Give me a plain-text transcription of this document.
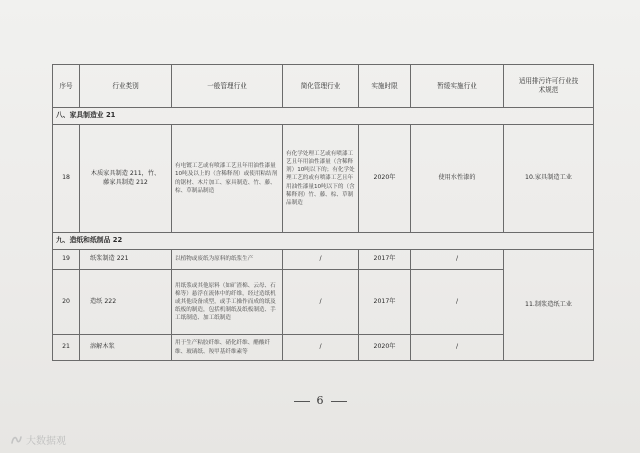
序号	行业类别	一般管理行业	简化管理行业	实施时限	暂缓实施行业	适用排污许可行业技术规范
八、家具制造业 21						
18	木质家具制造 211，竹、藤家具制造 212	有电镀工艺或有喷漆工艺且年用油性漆量10吨及以上的（含稀释剂）或使用粘结剂的锯材、木片加工、家具制造、竹、藤、棕、草制品制造	有化学处理工艺或有喷漆工艺且年用油性漆量（含稀释剂）10吨以下的；有化学处理工艺的或有喷漆工艺且年用油性漆量10吨以下的（含稀释剂）竹、藤、棕、草制品制造	2020年	使用水性漆的	10.家具制造工业
九、造纸和纸制品 22						
19	纸浆制造 221	以植物或废纸为原料的纸浆生产	/	2017年	/	11.制浆造纸工业
20	造纸 222	用纸浆或其他原料（如矿渣棉、云母、石棉等）悬浮在流体中的纤维，经过造纸机或其他设备成型，或手工操作而成的纸及纸板的制造，包括机制纸及纸板制造、手工纸制造、加工纸制造	/	2017年	/	
21	溶解木浆	用于生产粘胶纤维、硝化纤维、醋酸纤维、玻璃纸、羧甲基纤维素等	/	2020年	/	
6
大数据观
